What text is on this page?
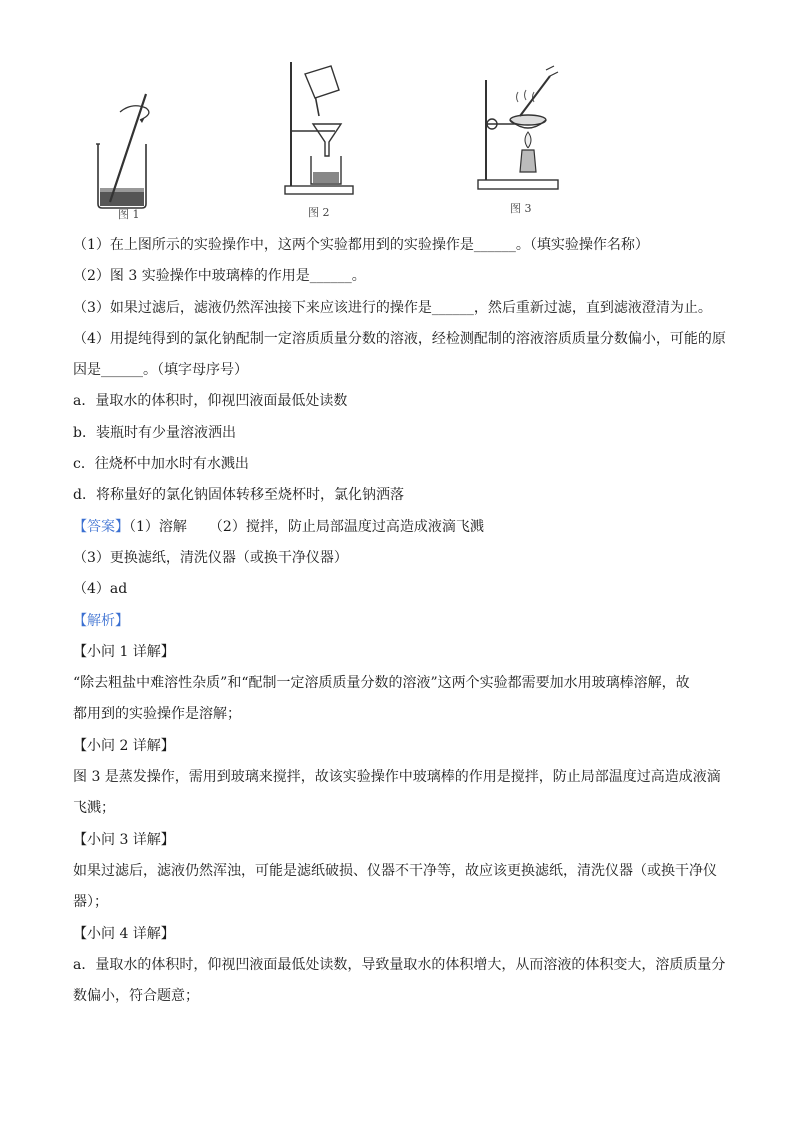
图 1	图 2	图 3
（1）在上图所示的实验操作中，这两个实验都用到的实验操作是______。（填实验操作名称）
（2）图 3 实验操作中玻璃棒的作用是______。
（3）如果过滤后，滤液仍然浑浊接下来应该进行的操作是______，然后重新过滤，直到滤液澄清为止。
（4）用提纯得到的氯化钠配制一定溶质质量分数的溶液，经检测配制的溶液溶质质量分数偏小，可能的原
因是______。（填字母序号）
a．量取水的体积时，仰视凹液面最低处读数
b．装瓶时有少量溶液洒出
c．往烧杯中加水时有水溅出
d．将称量好的氯化钠固体转移至烧杯时，氯化钠洒落
【答案】（1）溶解 （2）搅拌，防止局部温度过高造成液滴飞溅
（3）更换滤纸，清洗仪器（或换干净仪器）
（4）ad
【解析】
【小问 1 详解】
“除去粗盐中难溶性杂质”和“配制一定溶质质量分数的溶液”这两个实验都需要加水用玻璃棒溶解，故
都用到的实验操作是溶解；
【小问 2 详解】
图 3 是蒸发操作，需用到玻璃来搅拌，故该实验操作中玻璃棒的作用是搅拌，防止局部温度过高造成液滴
飞溅；
【小问 3 详解】
如果过滤后，滤液仍然浑浊，可能是滤纸破损、仪器不干净等，故应该更换滤纸，清洗仪器（或换干净仪
器）；
【小问 4 详解】
a．量取水的体积时，仰视凹液面最低处读数，导致量取水的体积增大，从而溶液的体积变大，溶质质量分
数偏小，符合题意；
